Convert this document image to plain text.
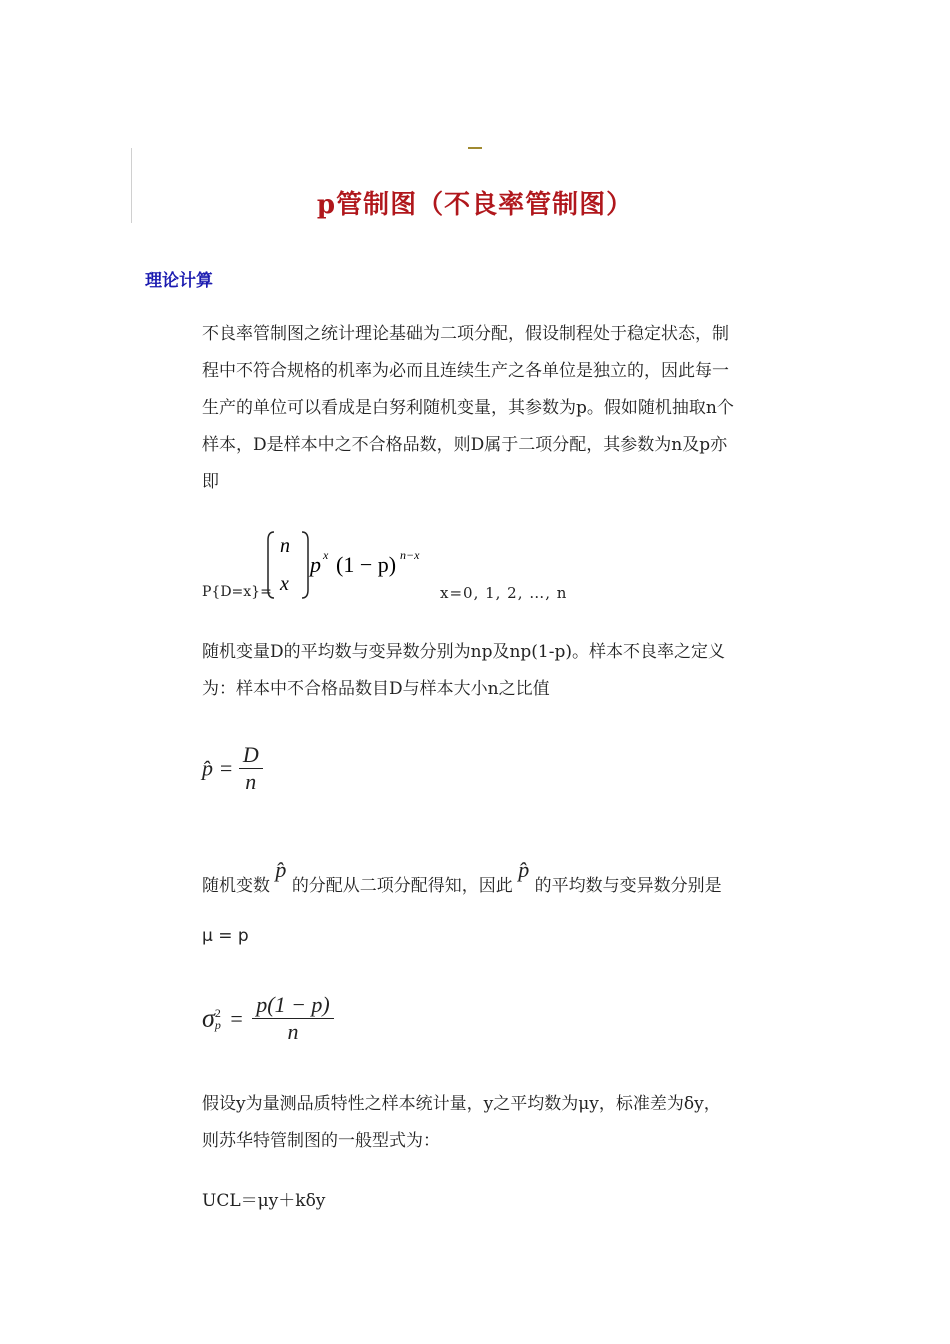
p管制图（不良率管制图）
理论计算
不良率管制图之统计理论基础为二项分配，假设制程处于稳定状态，制
程中不符合规格的机率为必而且连续生产之各单位是独立的，因此每一
生产的单位可以看成是白努利随机变量，其参数为p。假如随机抽取n个
样本，D是样本中之不合格品数，则D属于二项分配，其参数为n及p亦
即
P{D=x}=
n
x
p x (1 − p) n−x
x=0, 1, 2, …, n
随机变量D的平均数与变异数分别为np及np(1-p)。样本不良率之定义
为：样本中不合格品数目D与样本大小n之比值
p̂ = $\frac{D}{n}$
随机变数 p̂ 的分配从二项分配得知，因此 p̂ 的平均数与变异数分别是
μ = p
σ 2
$p = \frac{p(1 - p)}{n}$
假设y为量测品质特性之样本统计量，y之平均数为μy，标准差为δy，
则苏华特管制图的一般型式为：
UCL＝μy＋kδy
